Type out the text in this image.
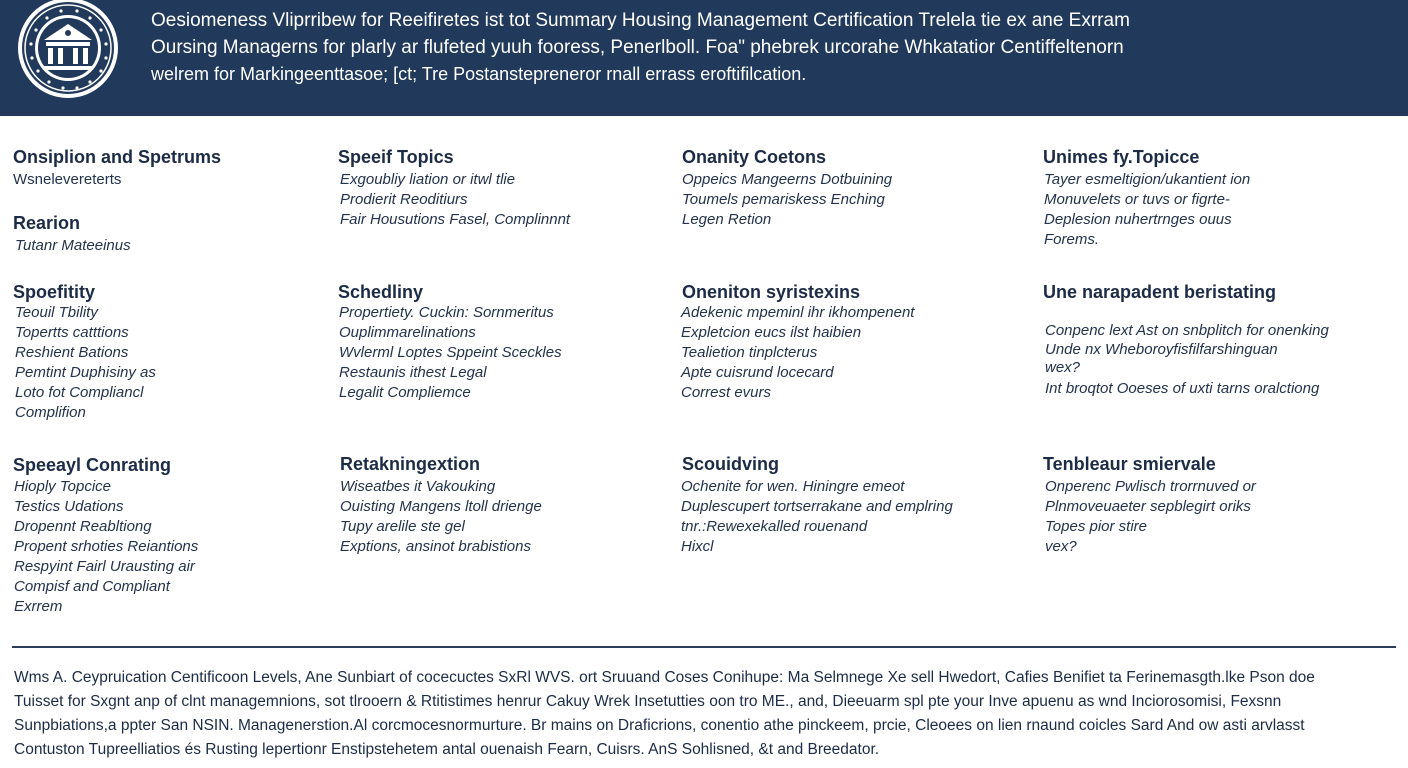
Oesiomeness Vliprribew for Reeifiretes ist tot Summary Housing Management Certification Trelela tie ex ane Exrram
Oursing Managerns for plarly ar flufeted yuuh fooress, Penerlboll. Foa" phebrek urcorahe Whkatatior Centiffeltenorn
welrem for Markingeenttasoe; [ct; Tre Postanstepreneror rnall errass eroftifilcation.
Onsiplion and Spetrums
Wsnelevereterts
Rearion
Tutanr Mateeinus
Spoefitity
Teouil Tbility
Topertts catttions
Reshient Bations
Pemtint Duphisiny as
Loto fot Compliancl
Complifion
Speeayl Conrating
Hioply Topcice
Testics Udations
Dropennt Reabltiong
Propent srhoties Reiantions
Respyint Fairl Urausting air
Compisf and Compliant
Exrrem
Speeif Topics
Exgoubliy liation or itwl tlie
Prodierit Reoditiurs
Fair Housutions Fasel, Complinnnt
Schedliny
Propertiety. Cuckin: Sornmeritus
Ouplimmarelinations
Wvlerml Loptes Sppeint Sceckles
Restaunis ithest Legal
Legalit Compliemce
Retakningextion
Wiseatbes it Vakouking
Ouisting Mangens ltoll drienge
Tupy arelile ste gel
Exptions, ansinot brabistions
Onanity Coetons
Oppeics Mangeerns Dotbuining
Toumels pemariskess Enching
Legen Retion
Oneniton syristexins
Adekenic mpeminl ihr ikhompenent
Expletcion eucs ilst haibien
Tealietion tinplcterus
Apte cuisrund locecard
Correst evurs
Scouidving
Ochenite for wen. Hiningre emeot
Duplescupert tortserrakane and emplring
tnr.:Rewexekalled rouenand
Hixcl
Unimes fy.Topicce
Tayer esmeltigion/ukantient ion
Monuvelets or tuvs or figrte-
Deplesion nuhertrnges ouus
Forems.
Une narapadent beristating
Conpenc lext Ast on snbplitch for onenking
Unde nx Wheboroyfisfilfarshinguan
wex?
Int broqtot Ooeses of uxti tarns oralctiong
Tenbleaur smiervale
Onperenc Pwlisch trorrnuved or
Plnmoveuaeter sepblegirt oriks
Topes pior stire
vex?
Wms A. Ceypruication Centificoon Levels, Ane Sunbiart of cocecuctes SxRl WVS. ort Sruuand Coses Conihupe: Ma Selmnege Xe sell Hwedort, Cafies Benifiet ta Ferinemasgth.lke Pson doe
Tuisset for Sxgnt anp of clnt managemnions, sot tlrooern & Rtitistimes henrur Cakuy Wrek Insetutties oon tro ME., and, Dieeuarm spl pte your Inve apuenu as wnd Inciorosomisi, Fexsnn
Sunpbiations,a ppter San NSIN. Managenerstion.Al corcmocesnormurture. Br mains on Draficrions, conentio athe pinckeem, prcie, Cleoees on lien rnaund coicles Sard And ow asti arvlasst
Contuston Tupreelliatios és Rusting lepertionr Enstipstehetem antal ouenaish Fearn, Cuisrs. AnS Sohlisned, &t and Breedator.
